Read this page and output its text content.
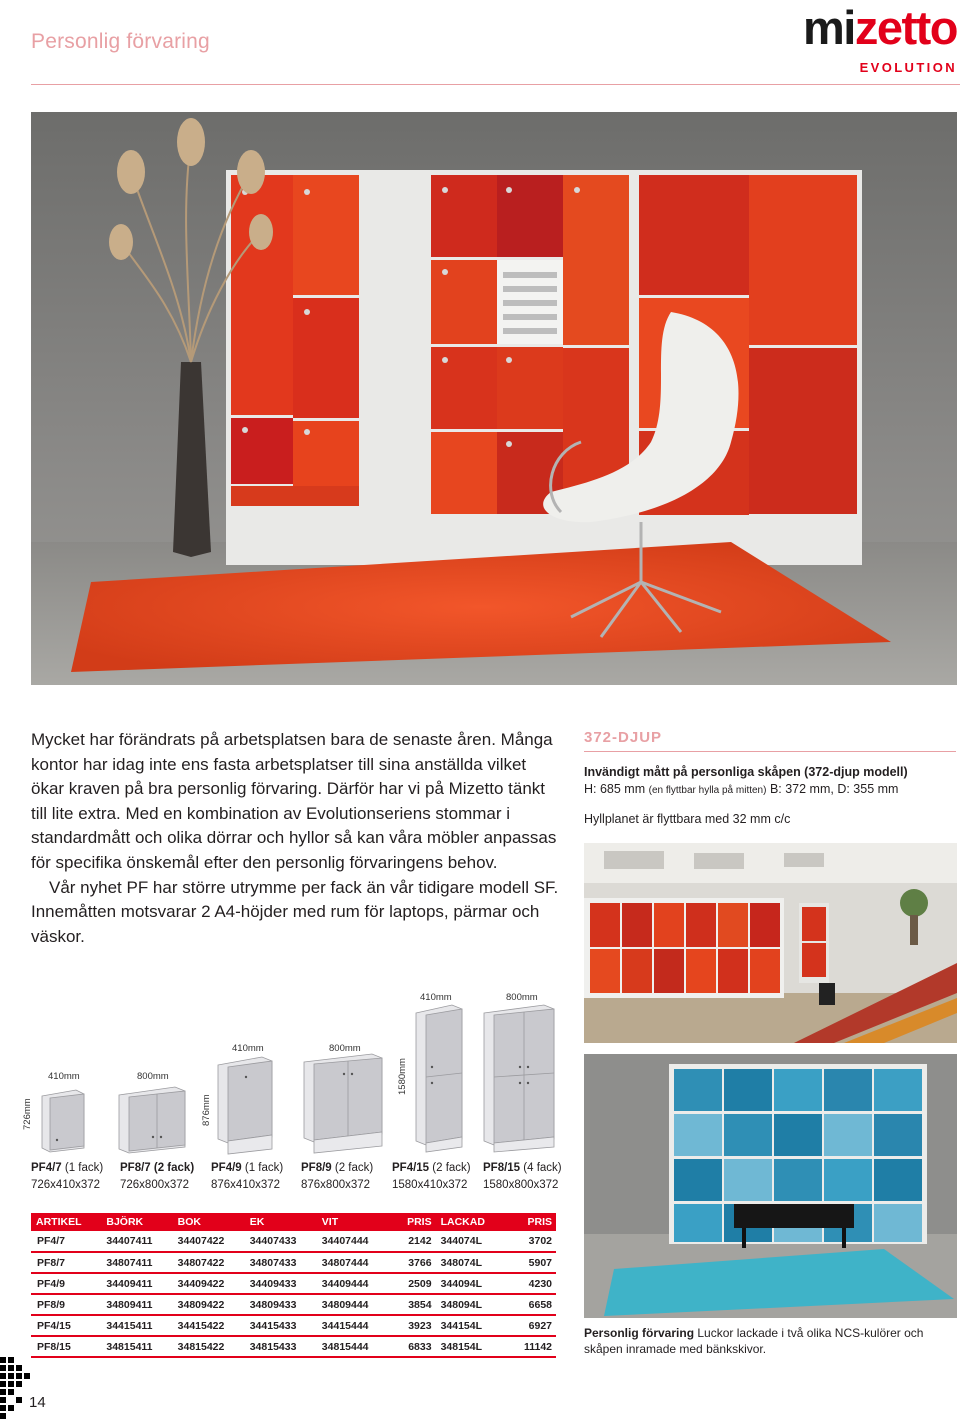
Personlig förvaring	mizetto
EVOLUTION

Mycket har förändrats på arbetsplatsen bara de senaste åren. Många kontor har idag inte ens fasta arbetsplatser till sina anställda vilket ökar kraven på bra personlig förvaring. Därför har vi på Mizetto tänkt till lite extra. Med en kombination av Evolutionseriens stommar i standardmått och olika dörrar och hyllor så kan våra möbler anpassas för specifika önskemål efter den personlig förvaringens behov.

Vår nyhet PF har större utrymme per fack än vår tidigare modell SF. Innemåtten motsvarar 2 A4-höjder med rum för laptops, pärmar och väskor.

372-DJUP
Invändigt mått på personliga skåpen (372-djup modell)
H: 685 mm (en flyttbar hylla på mitten) B: 372 mm, D: 355 mm
Hyllplanet är flyttbara med 32 mm c/c
726mm
410mm	800mm
876mm
410mm	800mm
1580mm
410mm	800mm
PF4/7 (1 fack)
726x410x372
PF8/7 (2 fack)
726x800x372
PF4/9 (1 fack)
876x410x372
PF8/9 (2 fack)
876x800x372
PF4/15 (2 fack)
1580x410x372
PF8/15 (4 fack)
1580x800x372
ARTIKEL	BJÖRK	BOK	EK	VIT	PRIS	LACKAD	PRIS
PF4/7	34407411	34407422	34407433	34407444	2142	344074L	3702
PF8/7	34807411	34807422	34807433	34807444	3766	348074L	5907
PF4/9	34409411	34409422	34409433	34409444	2509	344094L	4230
PF8/9	34809411	34809422	34809433	34809444	3854	348094L	6658
PF4/15	34415411	34415422	34415433	34415444	3923	344154L	6927
PF8/15	34815411	34815422	34815433	34815444	6833	348154L	11142
Personlig förvaring Luckor lackade i två olika NCS-kulörer och skåpen inramade med bänkskivor.
14
